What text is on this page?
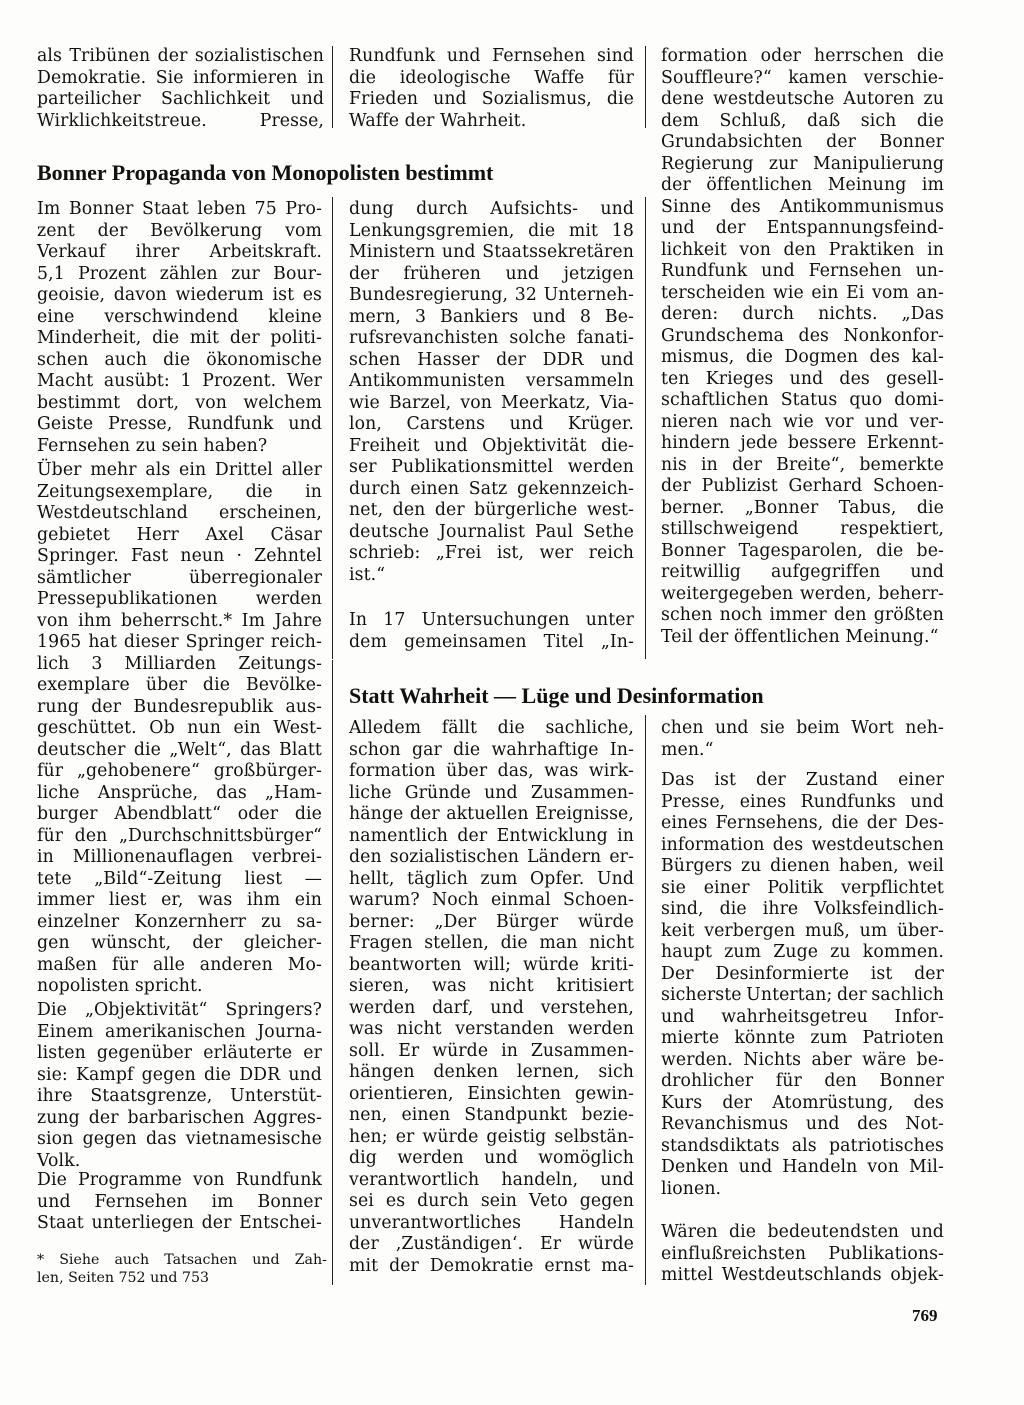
als Tribünen der sozialistischen
Demokratie. Sie informieren in
parteilicher Sachlichkeit und
Wirklichkeitstreue.	Presse,
Rundfunk und Fernsehen sind
die ideologische Waffe für
Frieden und Sozialismus, die
Waffe der Wahrheit.
formation oder herrschen die
Souffleure?“ kamen verschie-
dene westdeutsche Autoren zu
dem Schluß, daß sich die
Grundabsichten der Bonner
Regierung zur Manipulierung
der öffentlichen Meinung im
Sinne des Antikommunismus
und der Entspannungsfeind-
lichkeit von den Praktiken in
Rundfunk und Fernsehen un-
terscheiden wie ein Ei vom an-
deren: durch nichts. „Das
Grundschema des Nonkonfor-
mismus, die Dogmen des kal-
ten Krieges und des gesell-
schaftlichen Status quo domi-
nieren nach wie vor und ver-
hindern jede bessere Erkennt-
nis in der Breite“, bemerkte
der Publizist Gerhard Schoen-
berner. „Bonner Tabus, die
stillschweigend respektiert,
Bonner Tagesparolen, die be-
reitwillig aufgegriffen und
weitergegeben werden, beherr-
schen noch immer den größten
Teil der öffentlichen Meinung.“
Bonner Propaganda von Monopolisten bestimmt
Im Bonner Staat leben 75 Pro-
zent der Bevölkerung vom
Verkauf ihrer Arbeitskraft.
5,1 Prozent zählen zur Bour-
geoisie, davon wiederum ist es
eine verschwindend kleine
Minderheit, die mit der politi-
schen auch die ökonomische
Macht ausübt: 1 Prozent. Wer
bestimmt dort, von welchem
Geiste Presse, Rundfunk und
Fernsehen zu sein haben?
Über mehr als ein Drittel aller
Zeitungsexemplare, die in
Westdeutschland erscheinen,
gebietet Herr Axel Cäsar
Springer. Fast neun · Zehntel
sämtlicher	überregionaler
Pressepublikationen werden
von ihm beherrscht.* Im Jahre
1965 hat dieser Springer reich-
lich 3 Milliarden Zeitungs-
exemplare über die Bevölke-
rung der Bundesrepublik aus-
geschüttet. Ob nun ein West-
deutscher die „Welt“, das Blatt
für „gehobenere“ großbürger-
liche Ansprüche, das „Ham-
burger Abendblatt“ oder die
für den „Durchschnittsbürger“
in Millionenauflagen verbrei-
tete „Bild“-Zeitung liest —
immer liest er, was ihm ein
einzelner Konzernherr zu sa-
gen wünscht, der gleicher-
maßen für alle anderen Mo-
nopolisten spricht.
Die „Objektivität“ Springers?
Einem amerikanischen Journa-
listen gegenüber erläuterte er
sie: Kampf gegen die DDR und
ihre Staatsgrenze, Unterstüt-
zung der barbarischen Aggres-
sion gegen das vietnamesische
Volk.
Die Programme von Rundfunk
und Fernsehen im Bonner
Staat unterliegen der Entschei-
dung durch Aufsichts- und
Lenkungsgremien, die mit 18
Ministern und Staatssekretären
der früheren und jetzigen
Bundesregierung, 32 Unterneh-
mern, 3 Bankiers und 8 Be-
rufsrevanchisten solche fanati-
schen Hasser der DDR und
Antikommunisten versammeln
wie Barzel, von Meerkatz, Via-
lon, Carstens und Krüger.
Freiheit und Objektivität die-
ser Publikationsmittel werden
durch einen Satz gekennzeich-
net, den der bürgerliche west-
deutsche Journalist Paul Sethe
schrieb: „Frei ist, wer reich
ist.“
In 17 Untersuchungen unter
dem gemeinsamen Titel „In-
Statt Wahrheit — Lüge und Desinformation
Alledem fällt die sachliche,
schon gar die wahrhaftige In-
formation über das, was wirk-
liche Gründe und Zusammen-
hänge der aktuellen Ereignisse,
namentlich der Entwicklung in
den sozialistischen Ländern er-
hellt, täglich zum Opfer. Und
warum? Noch einmal Schoen-
berner: „Der Bürger würde
Fragen stellen, die man nicht
beantworten will; würde kriti-
sieren, was nicht kritisiert
werden darf, und verstehen,
was nicht verstanden werden
soll. Er würde in Zusammen-
hängen denken lernen, sich
orientieren, Einsichten gewin-
nen, einen Standpunkt bezie-
hen; er würde geistig selbstän-
dig werden und womöglich
verantwortlich handeln, und
sei es durch sein Veto gegen
unverantwortliches Handeln
der ‚Zuständigen‘. Er würde
mit der Demokratie ernst ma-
chen und sie beim Wort neh-
men.“
Das ist der Zustand einer
Presse, eines Rundfunks und
eines Fernsehens, die der Des-
information des westdeutschen
Bürgers zu dienen haben, weil
sie einer Politik verpflichtet
sind, die ihre Volksfeindlich-
keit verbergen muß, um über-
haupt zum Zuge zu kommen.
Der Desinformierte ist der
sicherste Untertan; der sachlich
und wahrheitsgetreu Infor-
mierte könnte zum Patrioten
werden. Nichts aber wäre be-
drohlicher für den Bonner
Kurs der Atomrüstung, des
Revanchismus und des Not-
standsdiktats als patriotisches
Denken und Handeln von Mil-
lionen.
Wären die bedeutendsten und
einflußreichsten Publikations-
mittel Westdeutschlands objek-
* Siehe auch Tatsachen und Zah-
len, Seiten 752 und 753
769
